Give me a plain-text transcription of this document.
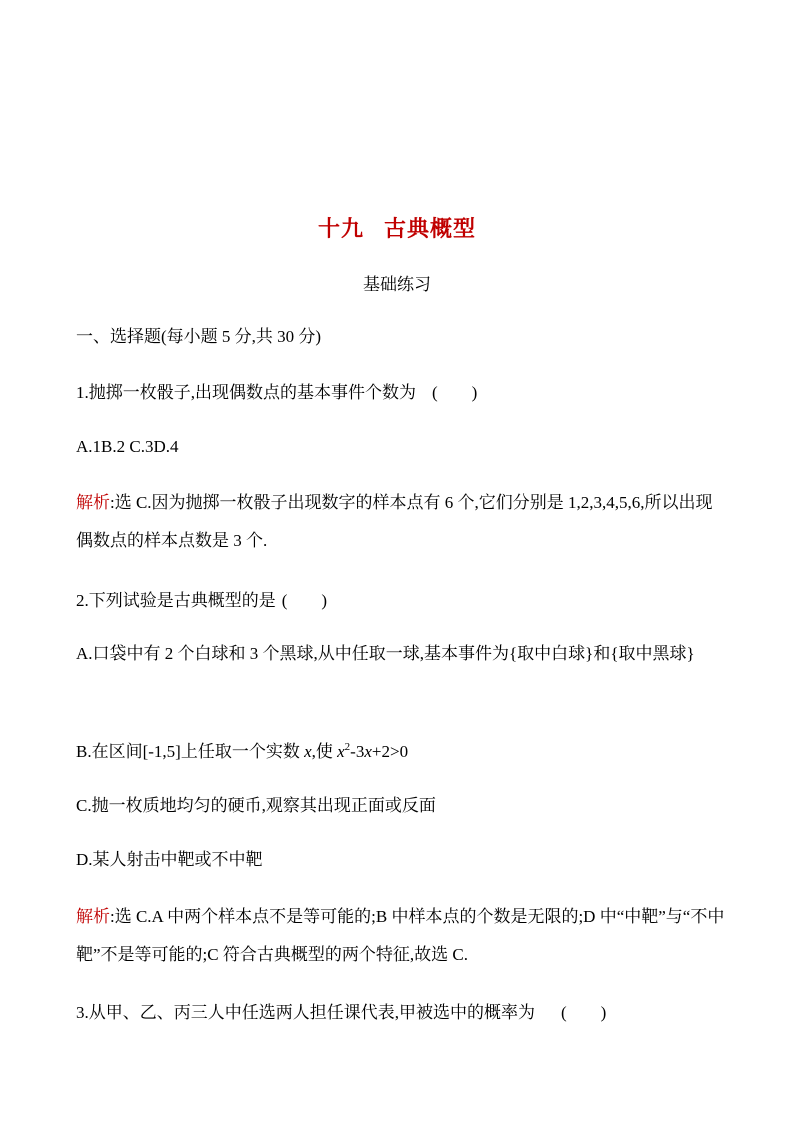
十九 古典概型
基础练习
一、选择题(每小题 5 分,共 30 分)
1.抛掷一枚骰子,出现偶数点的基本事件个数为 (　　)
A.1B.2 C.3D.4
解析:选 C.因为抛掷一枚骰子出现数字的样本点有 6 个,它们分别是 1,2,3,4,5,6,所以出现偶数点的样本点数是 3 个.
2.下列试验是古典概型的是 (　　)
A.口袋中有 2 个白球和 3 个黑球,从中任取一球,基本事件为{取中白球}和{取中黑球}
B.在区间[-1,5]上任取一个实数 x,使 $x^2-3x+2>0$
C.抛一枚质地均匀的硬币,观察其出现正面或反面
D.某人射击中靶或不中靶
解析:选 C.A 中两个样本点不是等可能的;B 中样本点的个数是无限的;D 中“中靶”与“不中靶”不是等可能的;C 符合古典概型的两个特征,故选 C.
3.从甲、乙、丙三人中任选两人担任课代表,甲被选中的概率为 (　　)
